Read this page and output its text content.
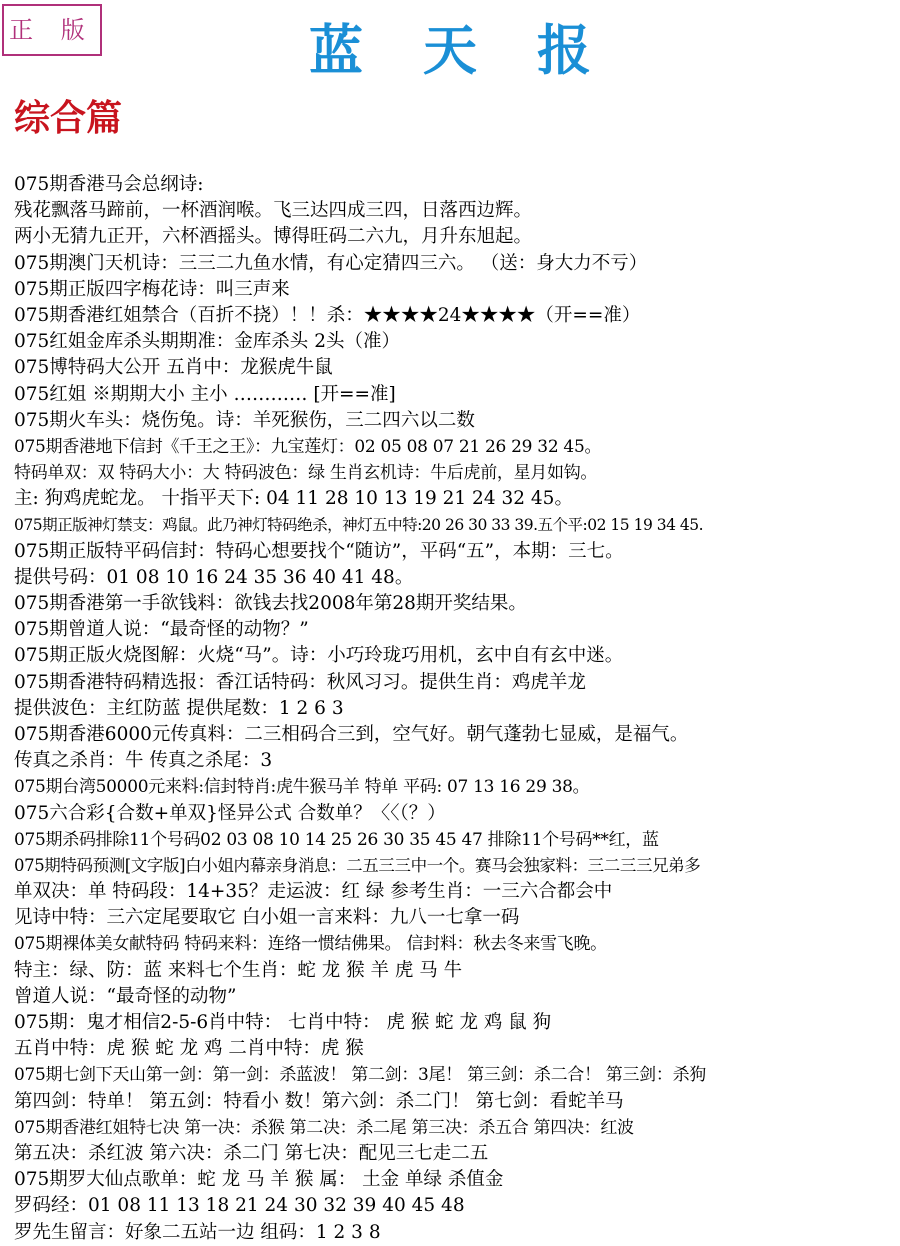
正 版	蓝天报
综合篇
075期香港马会总纲诗:
残花飘落马蹄前，一杯酒润喉。飞三达四成三四，日落西边辉。
两小无猜九正开，六杯酒摇头。博得旺码二六九，月升东旭起。
075期澳门天机诗：三三二九鱼水情，有心定猜四三六。 （送：身大力不亏）
075期正版四字梅花诗：叫三声来
075期香港红姐禁合（百折不挠）！！杀：★★★★24★★★★（开==准）
075红姐金库杀头期期准：金库杀头 2头（准）
075博特码大公开 五肖中：龙猴虎牛鼠
075红姐 ※期期大小 主小 ………… [开==准]
075期火车头：烧伤兔。诗：羊死猴伤，三二四六以二数
075期香港地下信封《千王之王》：九宝莲灯：02 05 08 07 21 26 29 32 45。
特码单双：双 特码大小：大 特码波色：绿 生肖玄机诗：牛后虎前，星月如钩。
主: 狗鸡虎蛇龙。 十指平天下: 04 11 28 10 13 19 21 24 32 45。
075期正版神灯禁支：鸡鼠。此乃神灯特码绝杀，神灯五中特:20 26 30 33 39.五个平:02 15 19 34 45.
075期正版特平码信封：特码心想要找个“随访”，平码“五”，本期：三七。
提供号码：01 08 10 16 24 35 36 40 41 48。
075期香港第一手欲钱料：欲钱去找2008年第28期开奖结果。
075期曾道人说：“最奇怪的动物？”
075期正版火烧图解：火烧“马”。诗：小巧玲珑巧用机，玄中自有玄中迷。
075期香港特码精选报：香江话特码：秋风习习。提供生肖：鸡虎羊龙
提供波色：主红防蓝 提供尾数：1 2 6 3
075期香港6000元传真料：二三相码合三到，空气好。朝气蓬勃七显威，是福气。
传真之杀肖：牛 传真之杀尾：3
075期台湾50000元来料:信封特肖:虎牛猴马羊 特单 平码: 07 13 16 29 38。
075六合彩{合数+单双}怪异公式 合数单？〈〈（？）
075期杀码排除11个号码02 03 08 10 14 25 26 30 35 45 47 排除11个号码**红，蓝
075期特码预测[文字版]白小姐内幕亲身消息：二五三三中一个。赛马会独家料：三二三三兄弟多
单双决：单 特码段：14+35？走运波：红 绿 参考生肖：一三六合都会中
见诗中特：三六定尾要取它 白小姐一言来料：九八一七拿一码
075期裸体美女献特码 特码来料：连络一惯结佛果。 信封料：秋去冬来雪飞晚。
特主：绿、防：蓝 来料七个生肖：蛇 龙 猴 羊 虎 马 牛
曾道人说：“最奇怪的动物”
075期：鬼才相信2-5-6肖中特： 七肖中特： 虎 猴 蛇 龙 鸡 鼠 狗
五肖中特：虎 猴 蛇 龙 鸡 二肖中特：虎 猴
075期七剑下天山第一剑：第一剑：杀蓝波！ 第二剑：3尾！ 第三剑：杀二合！ 第三剑：杀狗
第四剑：特单！ 第五剑：特看小 数！第六剑：杀二门！ 第七剑：看蛇羊马
075期香港红姐特七决 第一决：杀猴 第二决：杀二尾 第三决：杀五合 第四决：红波
第五决：杀红波 第六决：杀二门 第七决：配见三七走二五
075期罗大仙点歌单：蛇 龙 马 羊 猴 属： 土金 单绿 杀值金
罗码经：01 08 11 13 18 21 24 30 32 39 40 45 48
罗先生留言：好象二五站一边 组码：1 2 3 8
